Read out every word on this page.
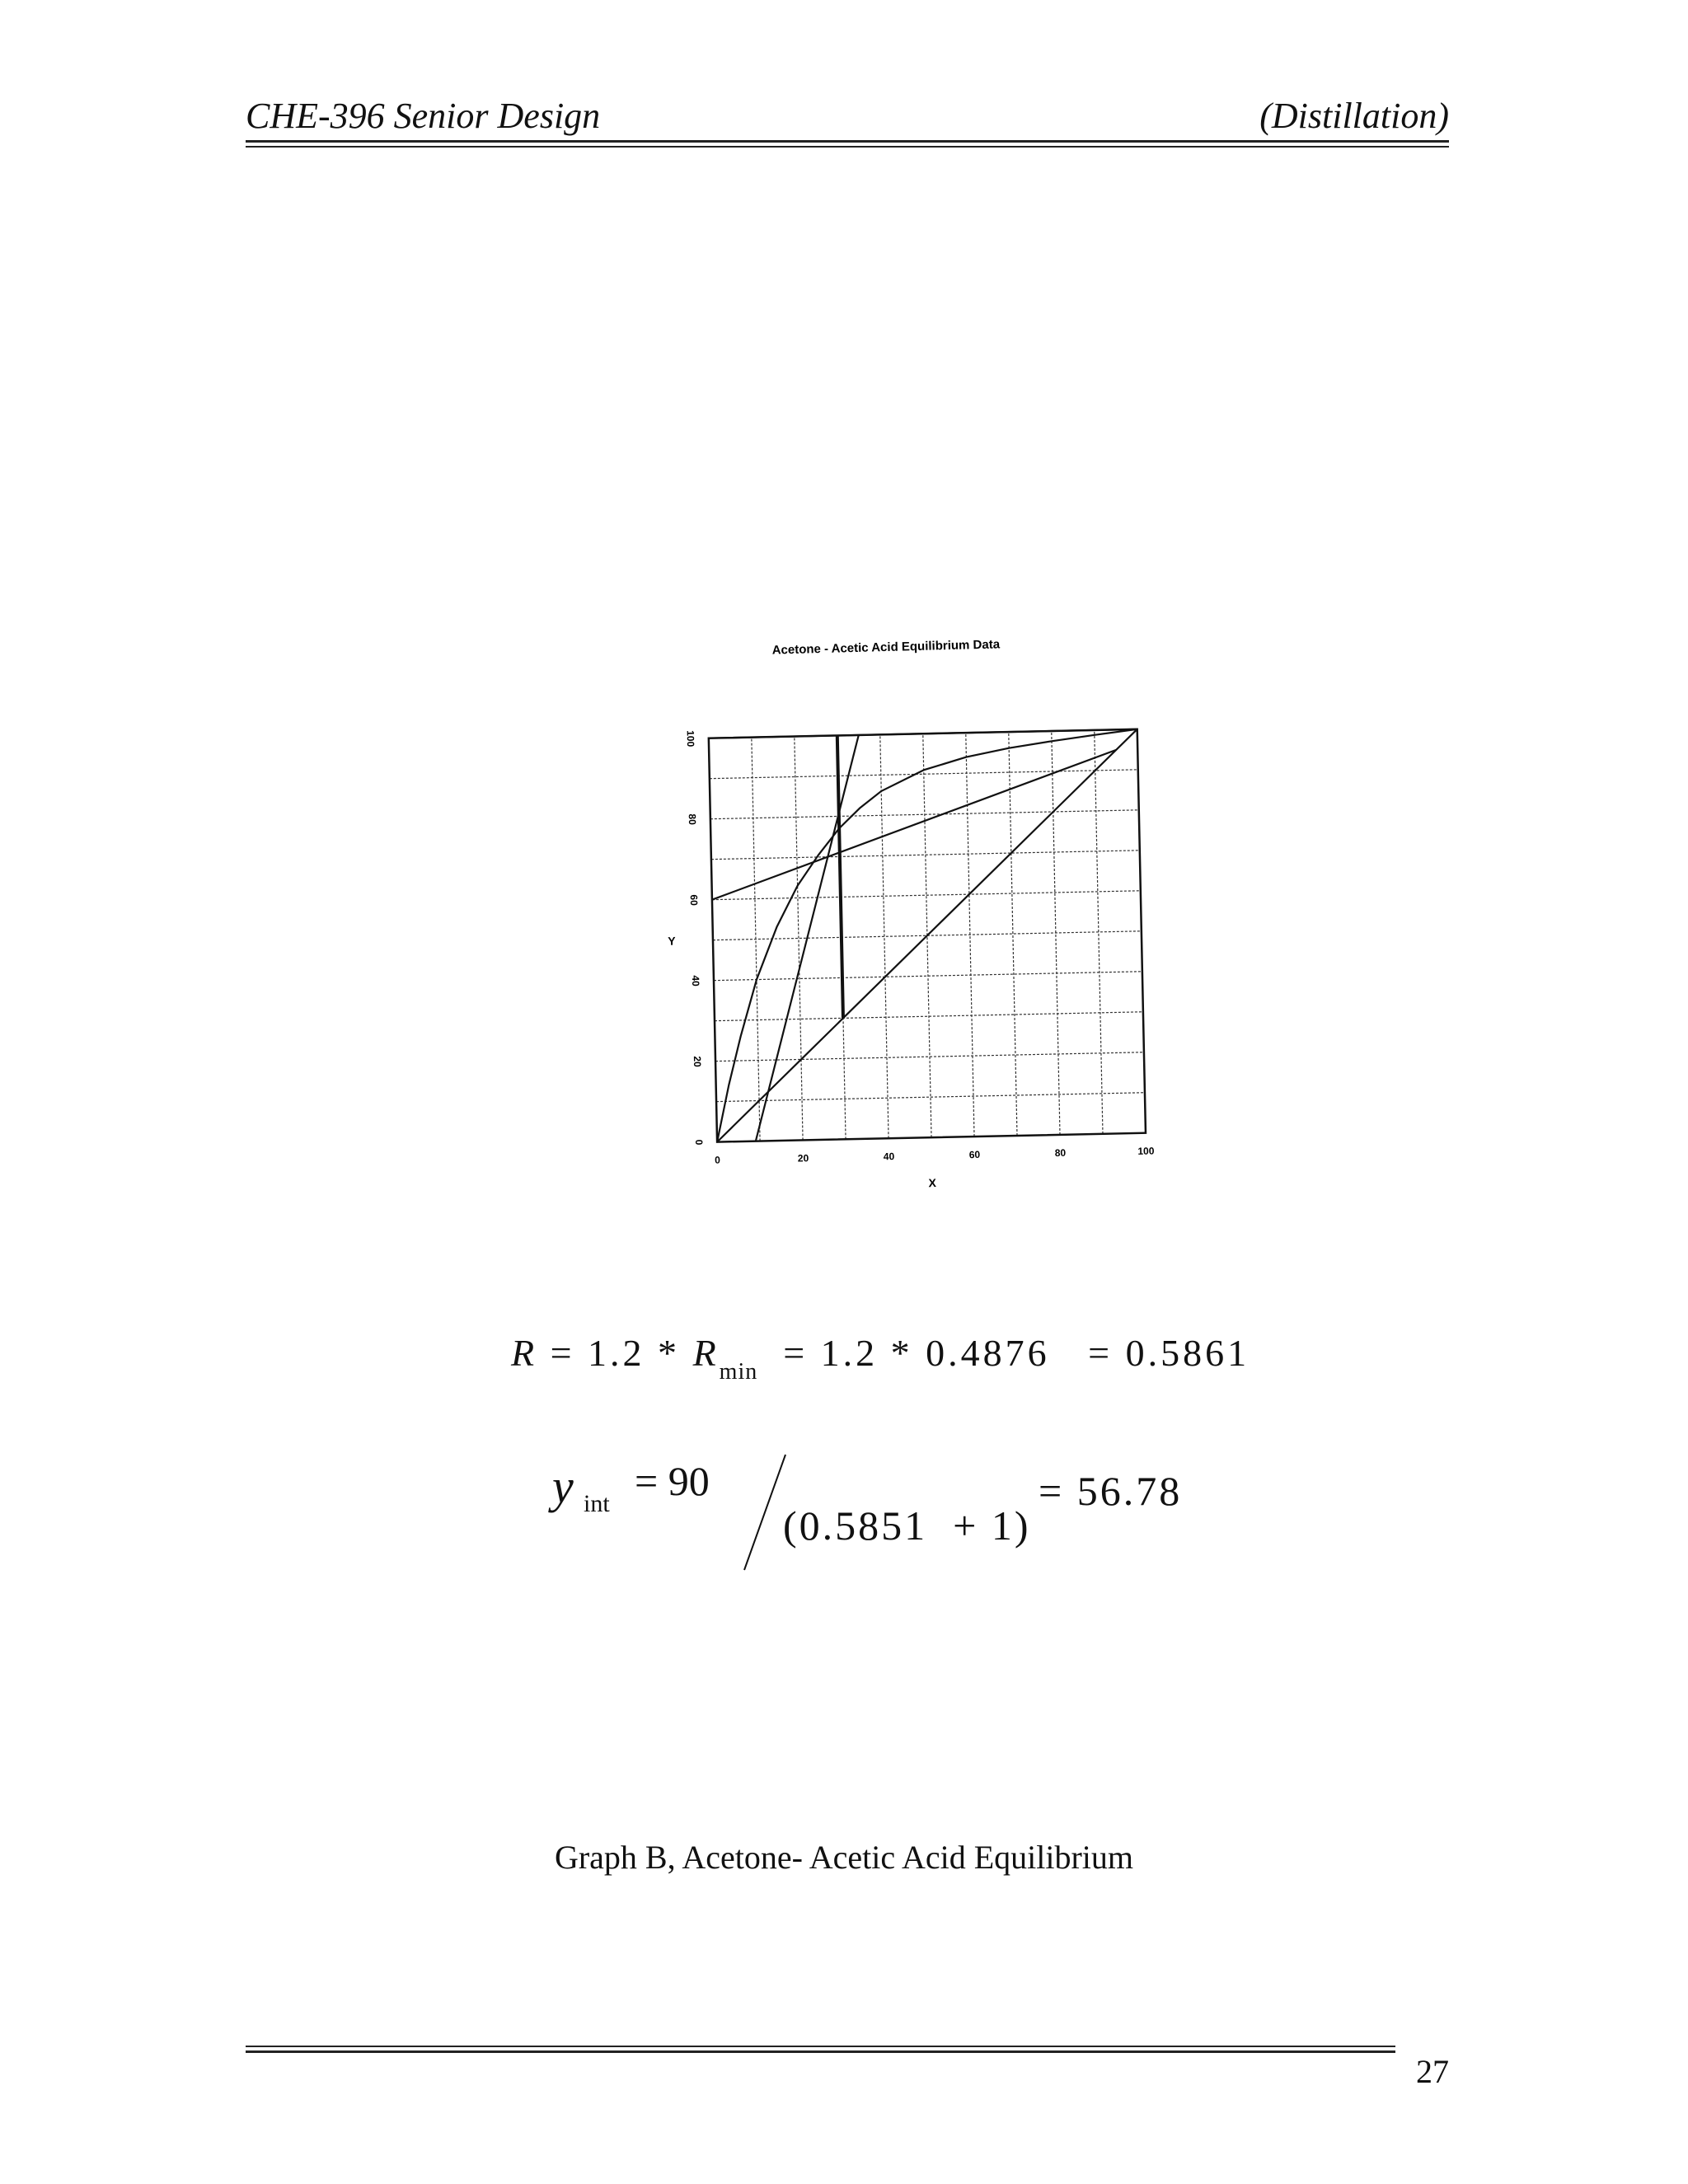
CHE-396 Senior Design	(Distillation)
Acetone - Acetic Acid Equilibrium Data
0	20	40	60	80	100
0
20
40
60
80
100
X
Y
$R = 1.2 * R_{min} = 1.2 * 0.4876 = 0.5861$
y int = 90
(0.5851  + 1)
= 56.78
Graph B, Acetone- Acetic Acid Equilibrium
27
